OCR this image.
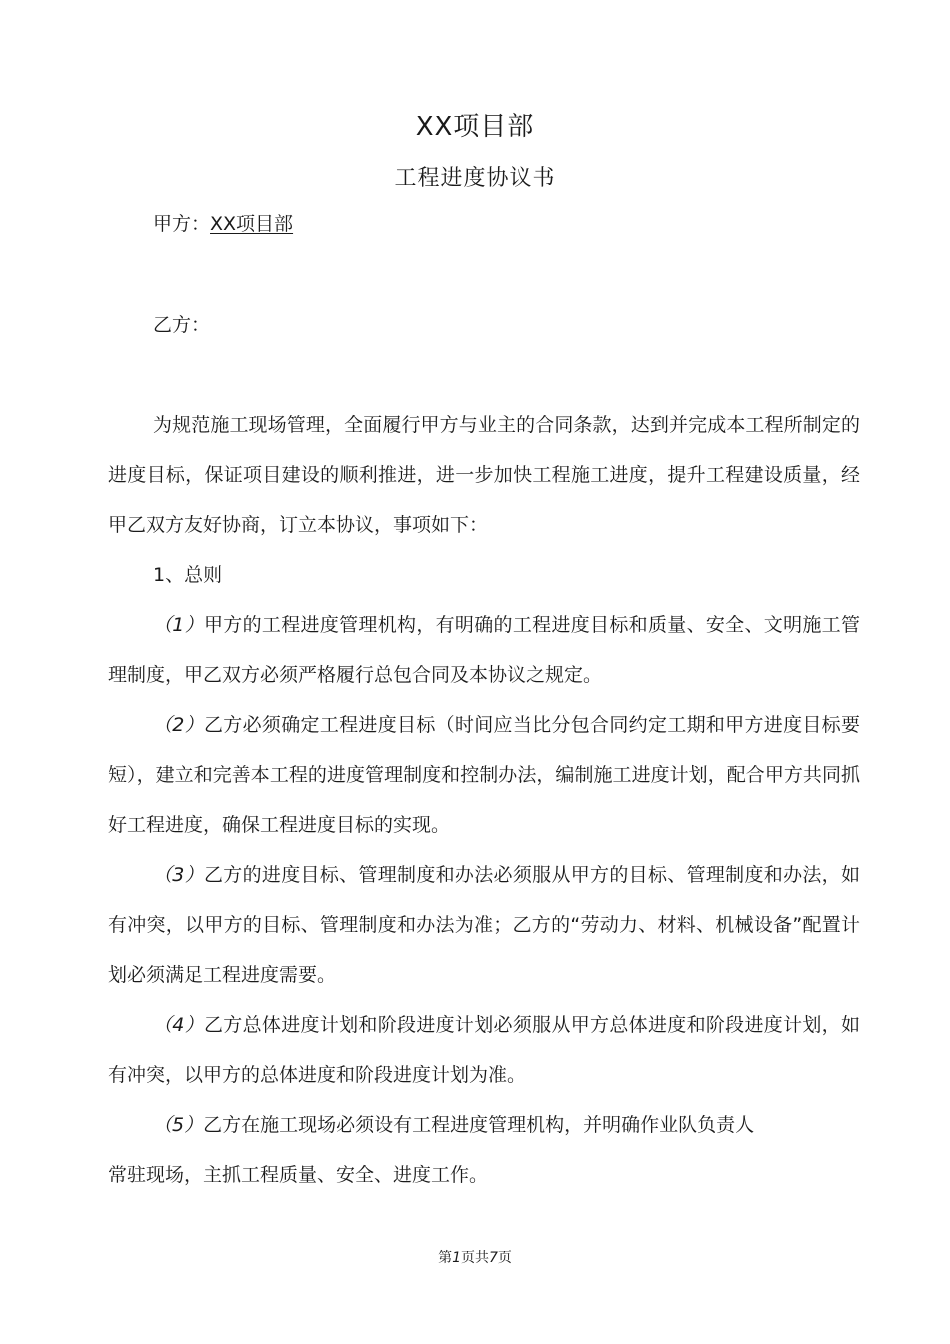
XX项目部
工程进度协议书
甲方：XX项目部
乙方：

为规范施工现场管理，全面履行甲方与业主的合同条款，达到并完成本工程所制定的进度目标，保证项目建设的顺利推进，进一步加快工程施工进度，提升工程建设质量，经甲乙双方友好协商，订立本协议，事项如下：

1、总则

（1）甲方的工程进度管理机构，有明确的工程进度目标和质量、安全、文明施工管理制度，甲乙双方必须严格履行总包合同及本协议之规定。

（2）乙方必须确定工程进度目标（时间应当比分包合同约定工期和甲方进度目标要短），建立和完善本工程的进度管理制度和控制办法，编制施工进度计划，配合甲方共同抓好工程进度，确保工程进度目标的实现。

（3）乙方的进度目标、管理制度和办法必须服从甲方的目标、管理制度和办法，如有冲突，以甲方的目标、管理制度和办法为准；乙方的“劳动力、材料、机械设备”配置计划必须满足工程进度需要。

（4）乙方总体进度计划和阶段进度计划必须服从甲方总体进度和阶段进度计划，如有冲突，以甲方的总体进度和阶段进度计划为准。

（5）乙方在施工现场必须设有工程进度管理机构，并明确作业队负责人
常驻现场，主抓工程质量、安全、进度工作。
第1页共7页
